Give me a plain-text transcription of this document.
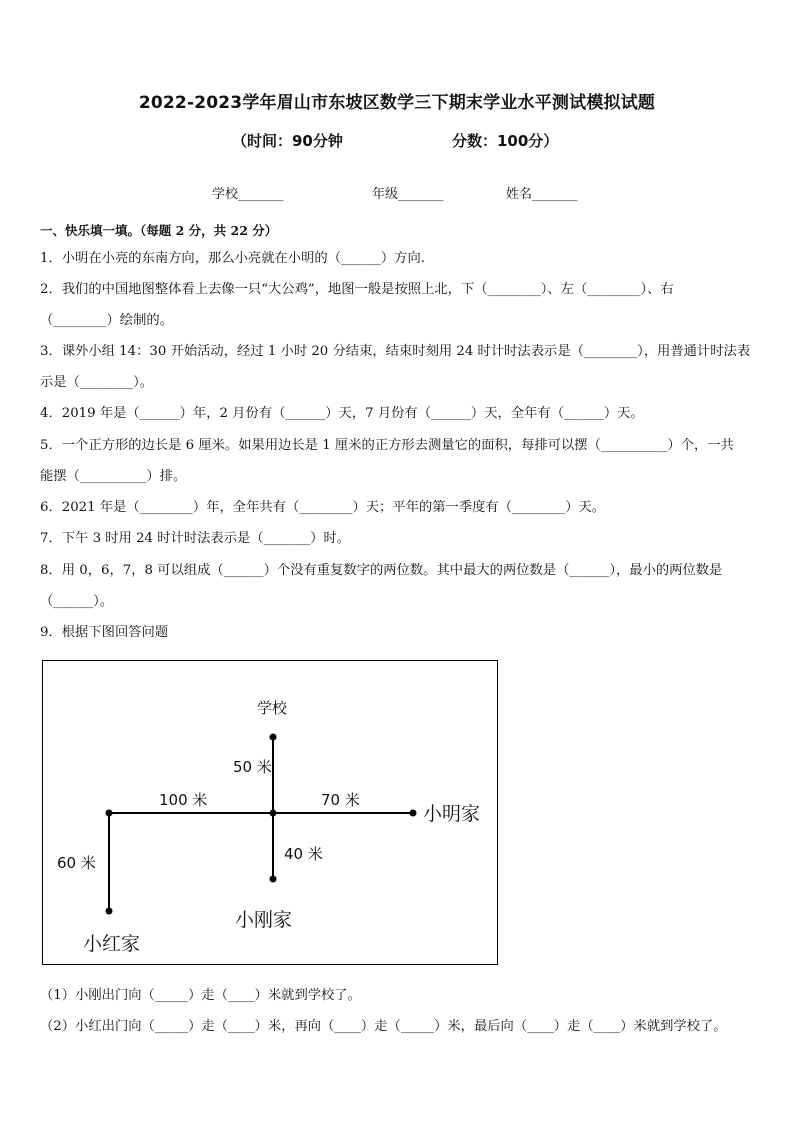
2022-2023学年眉山市东坡区数学三下期末学业水平测试模拟试题
（时间：90分钟	分数：100分）
学校_______	年级_______	姓名_______
一、快乐填一填。（每题 2 分，共 22 分）
1．小明在小亮的东南方向，那么小亮就在小明的（______）方向.
2．我们的中国地图整体看上去像一只“大公鸡”，地图一般是按照上北，下（________）、左（________）、右
（________）绘制的。
3．课外小组 14：30 开始活动，经过 1 小时 20 分结束，结束时刻用 24 时计时法表示是（________），用普通计时法表
示是（________）。
4．2019 年是（______）年，2 月份有（______）天，7 月份有（______）天，全年有（______）天。
5．一个正方形的边长是 6 厘米。如果用边长是 1 厘米的正方形去测量它的面积，每排可以摆（__________）个，一共
能摆（__________）排。
6．2021 年是（________）年，全年共有（________）天；平年的第一季度有（________）天。
7．下午 3 时用 24 时计时法表示是（_______）时。
8．用 0，6，7，8 可以组成（______）个没有重复数字的两位数。其中最大的两位数是（______），最小的两位数是
（______）。
9．根据下图回答问题
学校
50 米
100 米	70 米
小明家
40 米
60 米
小刚家
小红家
（1）小刚出门向（_____）走（____）米就到学校了。
（2）小红出门向（_____）走（____）米，再向（____）走（_____）米，最后向（____）走（____）米就到学校了。
